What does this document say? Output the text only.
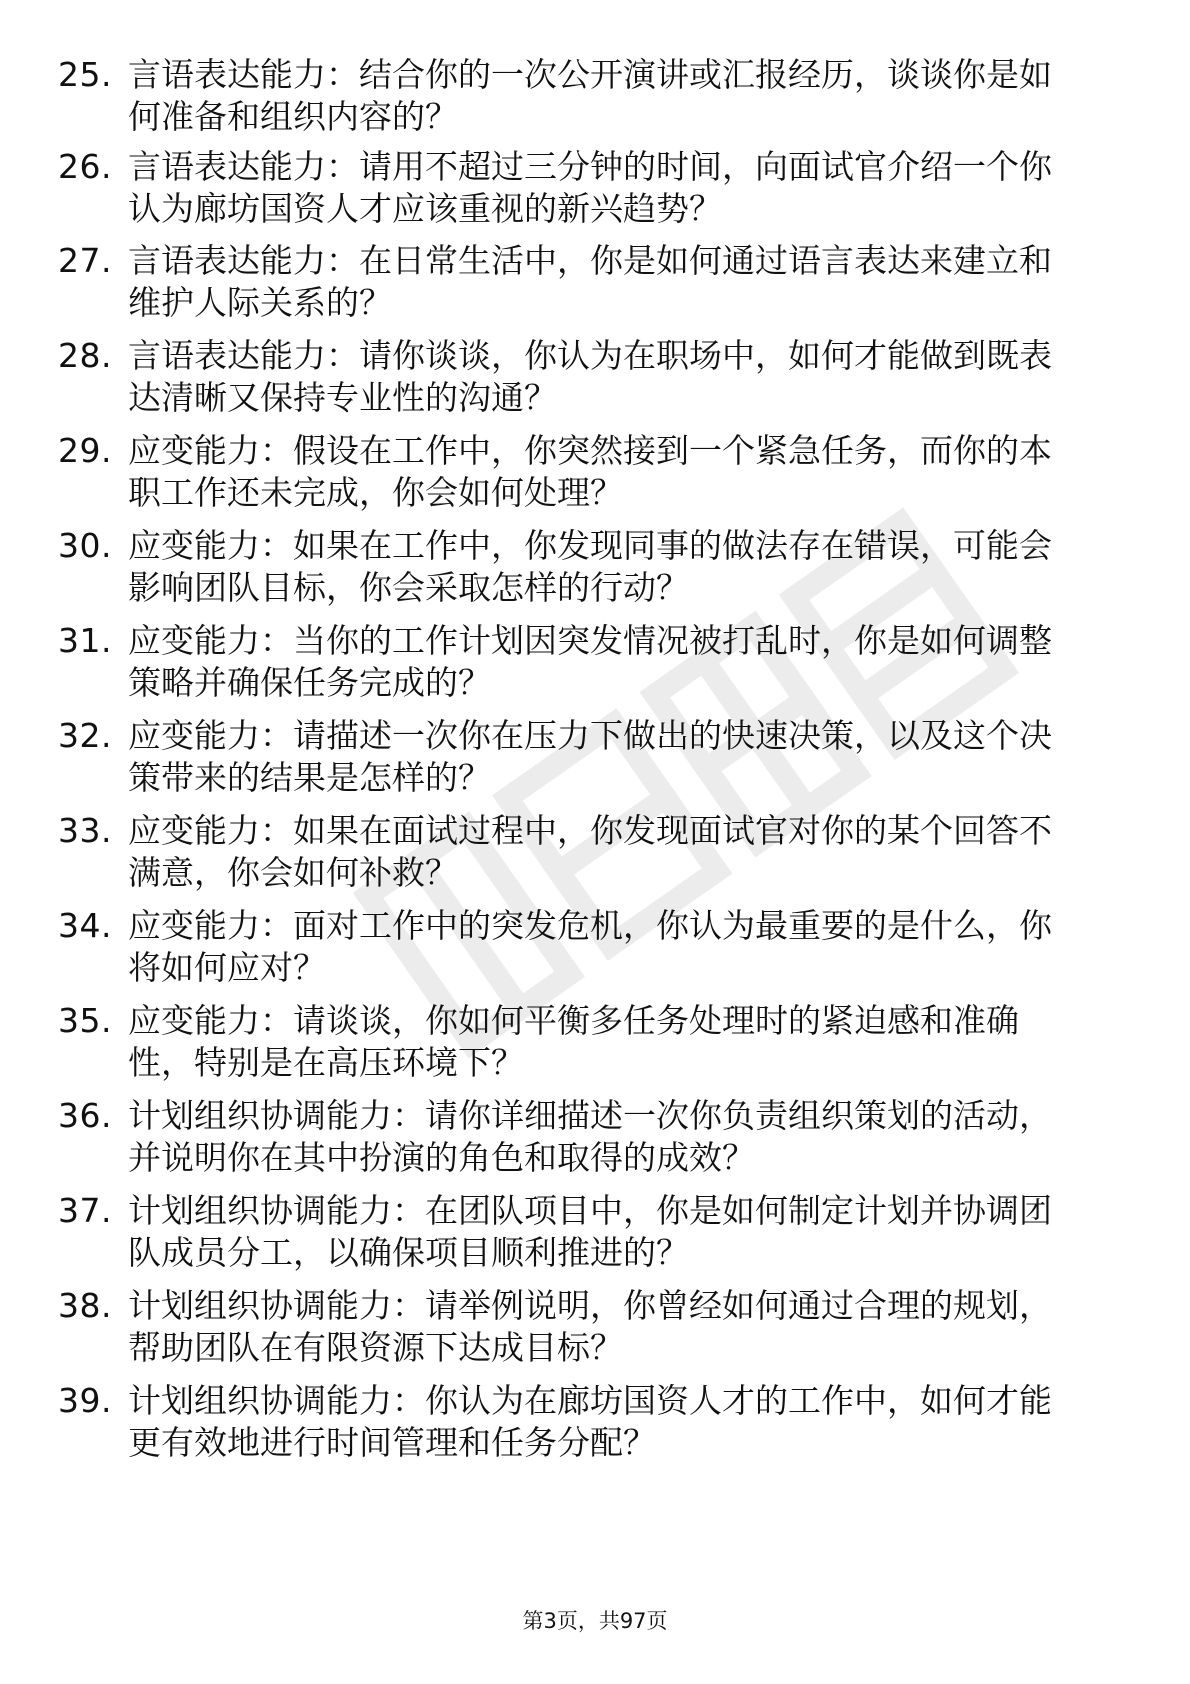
25. 言语表达能力：结合你的一次公开演讲或汇报经历，谈谈你是如
何准备和组织内容的？
26. 言语表达能力：请用不超过三分钟的时间，向面试官介绍一个你
认为廊坊国资人才应该重视的新兴趋势？
27. 言语表达能力：在日常生活中，你是如何通过语言表达来建立和
维护人际关系的？
28. 言语表达能力：请你谈谈，你认为在职场中，如何才能做到既表
达清晰又保持专业性的沟通？
29. 应变能力：假设在工作中，你突然接到一个紧急任务，而你的本
职工作还未完成，你会如何处理？
30. 应变能力：如果在工作中，你发现同事的做法存在错误，可能会
影响团队目标，你会采取怎样的行动？
31. 应变能力：当你的工作计划因突发情况被打乱时，你是如何调整
策略并确保任务完成的？
32. 应变能力：请描述一次你在压力下做出的快速决策，以及这个决
策带来的结果是怎样的？
33. 应变能力：如果在面试过程中，你发现面试官对你的某个回答不
满意，你会如何补救？
34. 应变能力：面对工作中的突发危机，你认为最重要的是什么，你
将如何应对？
35. 应变能力：请谈谈，你如何平衡多任务处理时的紧迫感和准确
性，特别是在高压环境下？
36. 计划组织协调能力：请你详细描述一次你负责组织策划的活动，
并说明你在其中扮演的角色和取得的成效？
37. 计划组织协调能力：在团队项目中，你是如何制定计划并协调团
队成员分工，以确保项目顺利推进的？
38. 计划组织协调能力：请举例说明，你曾经如何通过合理的规划，
帮助团队在有限资源下达成目标？
39. 计划组织协调能力：你认为在廊坊国资人才的工作中，如何才能
更有效地进行时间管理和任务分配？
第3页，共97页
